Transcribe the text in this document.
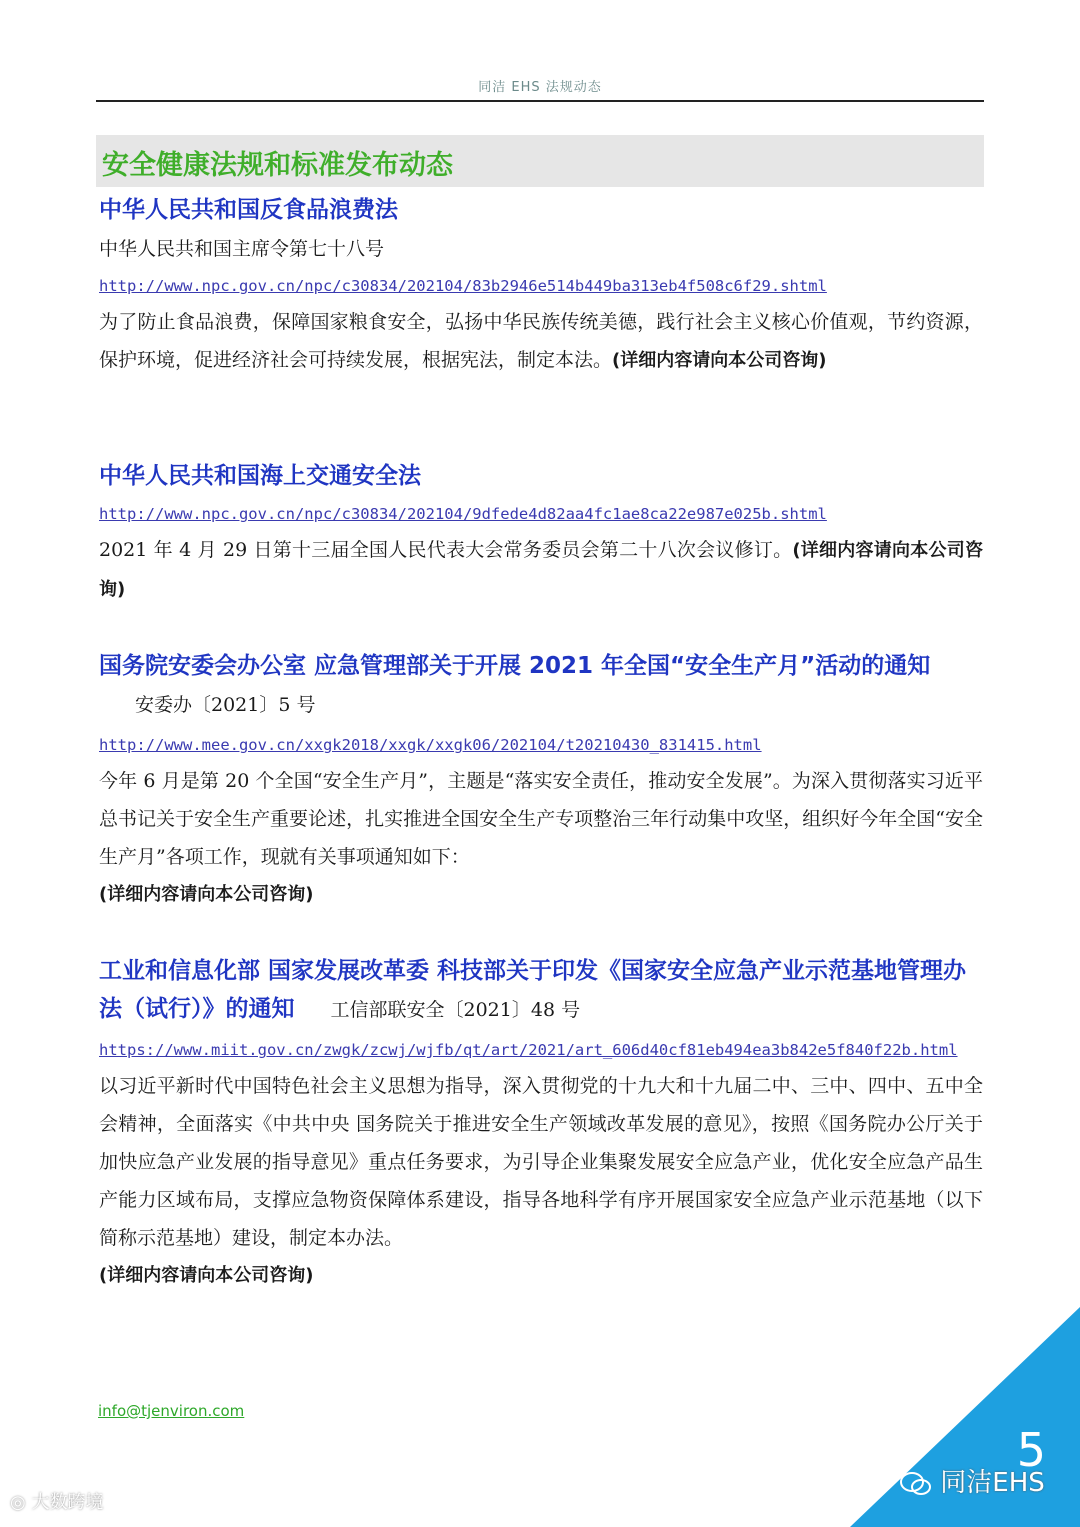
同洁 EHS 法规动态
安全健康法规和标准发布动态
中华人民共和国反食品浪费法
中华人民共和国主席令第七十八号
http://www.npc.gov.cn/npc/c30834/202104/83b2946e514b449ba313eb4f508c6f29.shtml
为了防止食品浪费，保障国家粮食安全，弘扬中华民族传统美德，践行社会主义核心价值观，节约资源，保护环境，促进经济社会可持续发展，根据宪法，制定本法。(详细内容请向本公司咨询)
中华人民共和国海上交通安全法
http://www.npc.gov.cn/npc/c30834/202104/9dfede4d82aa4fc1ae8ca22e987e025b.shtml
2021 年 4 月 29 日第十三届全国人民代表大会常务委员会第二十八次会议修订。(详细内容请向本公司咨询)
国务院安委会办公室 应急管理部关于开展 2021 年全国“安全生产月”活动的通知安委办〔2021〕5 号
http://www.mee.gov.cn/xxgk2018/xxgk/xxgk06/202104/t20210430_831415.html
今年 6 月是第 20 个全国“安全生产月”，主题是“落实安全责任，推动安全发展”。为深入贯彻落实习近平总书记关于安全生产重要论述，扎实推进全国安全生产专项整治三年行动集中攻坚，组织好今年全国“安全生产月”各项工作，现就有关事项通知如下：
(详细内容请向本公司咨询)
工业和信息化部 国家发展改革委 科技部关于印发《国家安全应急产业示范基地管理办法（试行）》的通知 工信部联安全〔2021〕48 号
https://www.miit.gov.cn/zwgk/zcwj/wjfb/qt/art/2021/art_606d40cf81eb494ea3b842e5f840f22b.html
以习近平新时代中国特色社会主义思想为指导，深入贯彻党的十九大和十九届二中、三中、四中、五中全会精神，全面落实《中共中央 国务院关于推进安全生产领域改革发展的意见》，按照《国务院办公厅关于加快应急产业发展的指导意见》重点任务要求，为引导企业集聚发展安全应急产业，优化安全应急产品生产能力区域布局，支撑应急物资保障体系建设，指导各地科学有序开展国家安全应急产业示范基地（以下简称示范基地）建设，制定本办法。
(详细内容请向本公司咨询)
info@tjenviron.com
5
同洁EHS
◎ 大数跨境
